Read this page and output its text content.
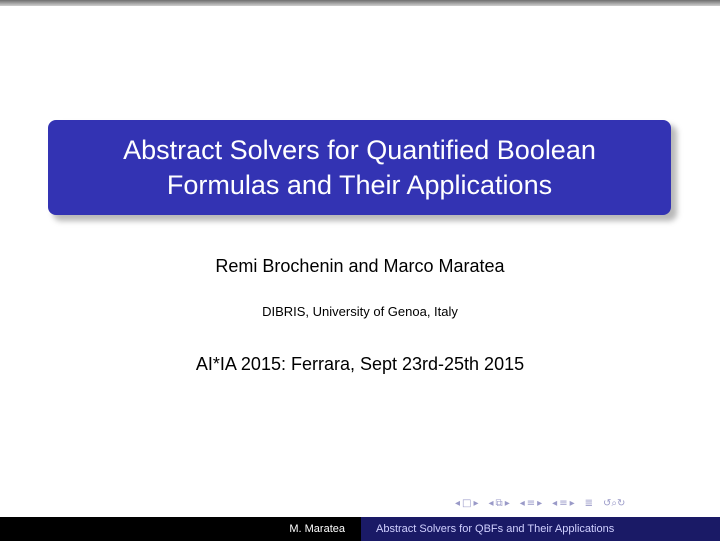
Abstract Solvers for Quantified Boolean
Formulas and Their Applications
Remi Brochenin and Marco Maratea
DIBRIS, University of Genoa, Italy
AI*IA 2015: Ferrara, Sept 23rd-25th 2015
◂ □ ▸ ◂ ⧉ ▸ ◂ ≡ ▸ ◂ ≡ ▸ ≣ ↺⌕↻
M. Maratea	Abstract Solvers for QBFs and Their Applications
